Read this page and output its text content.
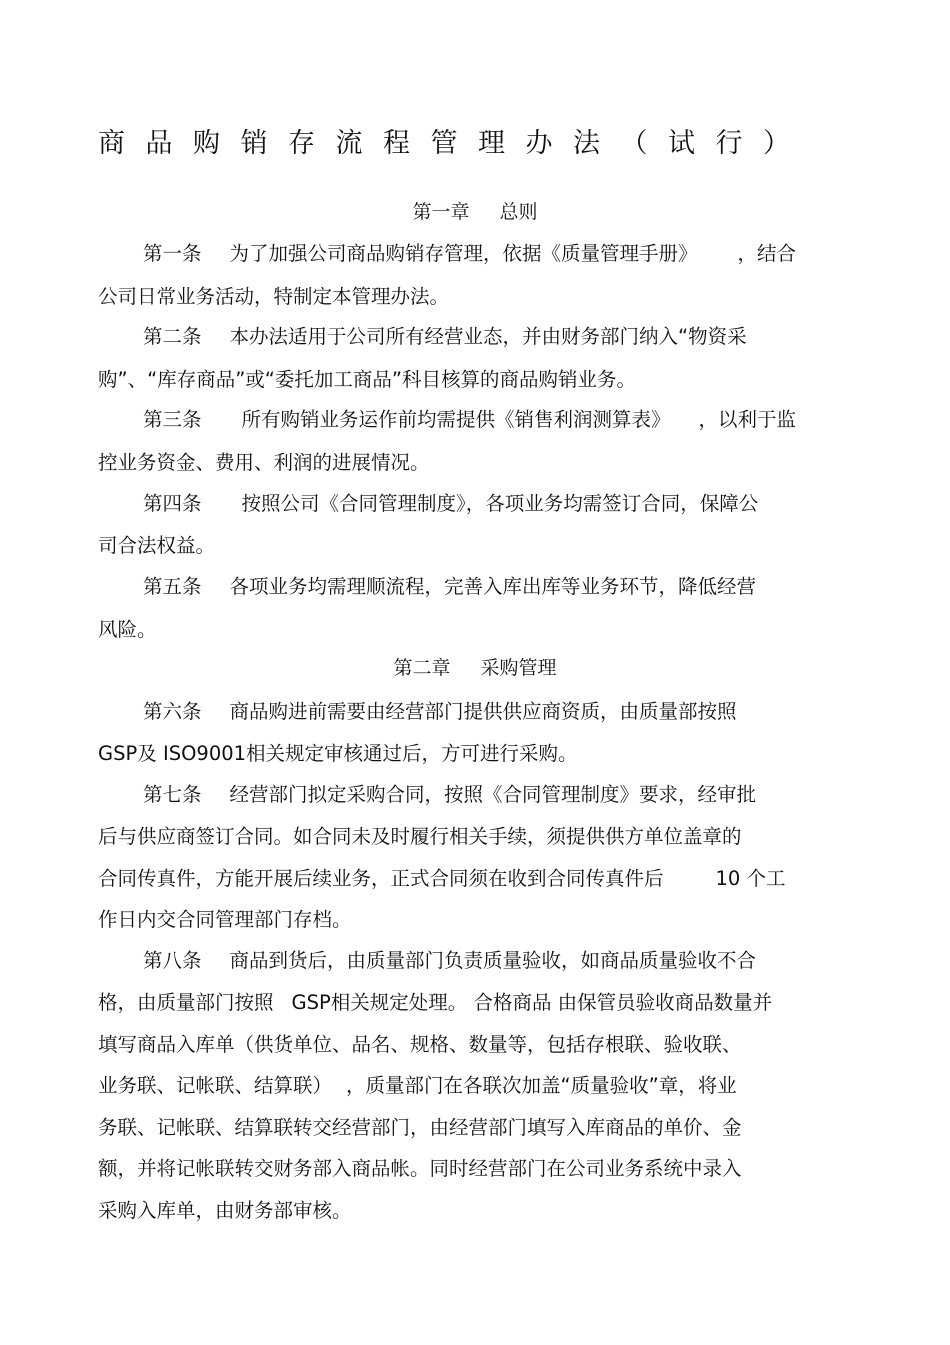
商品购销存流程管理办法（试行）
第一章 总则
第一条 为了加强公司商品购销存管理，依据《质量管理手册》 ，结合
公司日常业务活动，特制定本管理办法。
第二条 本办法适用于公司所有经营业态，并由财务部门纳入“物资采
购”、“库存商品”或“委托加工商品”科目核算的商品购销业务。
第三条 所有购销业务运作前均需提供《销售利润测算表》 ，以利于监
控业务资金、费用、利润的进展情况。
第四条 按照公司《合同管理制度》，各项业务均需签订合同，保障公
司合法权益。
第五条 各项业务均需理顺流程，完善入库出库等业务环节，降低经营
风险。
第二章 采购管理
第六条 商品购进前需要由经营部门提供供应商资质，由质量部按照
GSP及 ISO9001相关规定审核通过后，方可进行采购。
第七条 经营部门拟定采购合同，按照《合同管理制度》要求，经审批
后与供应商签订合同。如合同未及时履行相关手续，须提供供方单位盖章的
合同传真件，方能开展后续业务，正式合同须在收到合同传真件后	10 个工
作日内交合同管理部门存档。
第八条 商品到货后，由质量部门负责质量验收，如商品质量验收不合
格，由质量部门按照 GSP相关规定处理。 合格商品 由保管员验收商品数量并
填写商品入库单（供货单位、品名、规格、数量等，包括存根联、验收联、
业务联、记帐联、结算联） ，质量部门在各联次加盖“质量验收”章，将业
务联、记帐联、结算联转交经营部门，由经营部门填写入库商品的单价、金
额，并将记帐联转交财务部入商品帐。同时经营部门在公司业务系统中录入
采购入库单，由财务部审核。
